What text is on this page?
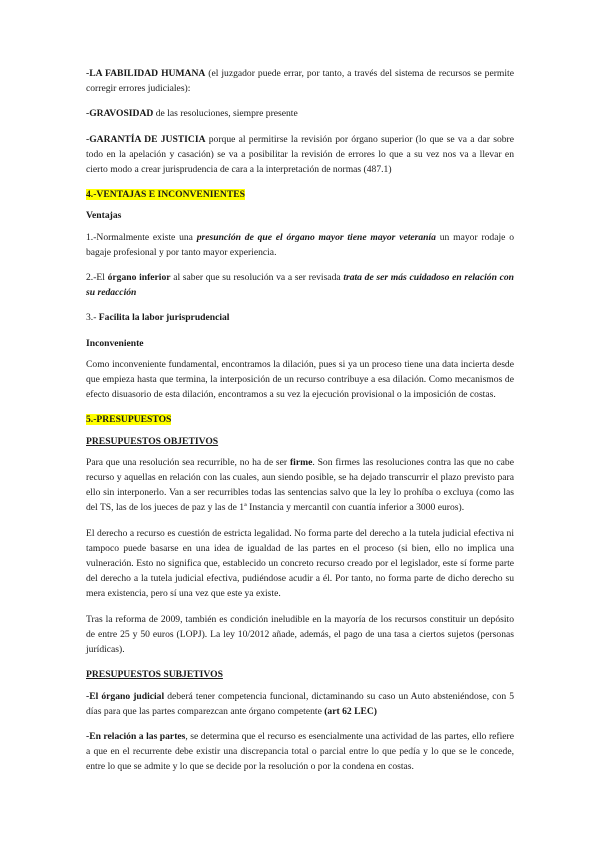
-LA FABILIDAD HUMANA (el juzgador puede errar, por tanto, a través del sistema de recursos se permite corregir errores judiciales):

-GRAVOSIDAD de las resoluciones, siempre presente

-GARANTÍA DE JUSTICIA porque al permitirse la revisión por órgano superior (lo que se va a dar sobre todo en la apelación y casación) se va a posibilitar la revisión de errores lo que a su vez nos va a llevar en cierto modo a crear jurisprudencia de cara a la interpretación de normas (487.1)

4.-VENTAJAS E INCONVENIENTES

Ventajas

1.-Normalmente existe una presunción de que el órgano mayor tiene mayor veteranía un mayor rodaje o bagaje profesional y por tanto mayor experiencia.

2.-El órgano inferior al saber que su resolución va a ser revisada trata de ser más cuidadoso en relación con su redacción

3.- Facilita la labor jurisprudencial

Inconveniente

Como inconveniente fundamental, encontramos la dilación, pues si ya un proceso tiene una data incierta desde que empieza hasta que termina, la interposición de un recurso contribuye a esa dilación. Como mecanismos de efecto disuasorio de esta dilación, encontramos a su vez la ejecución provisional o la imposición de costas.

5.-PRESUPUESTOS

PRESUPUESTOS OBJETIVOS

Para que una resolución sea recurrible, no ha de ser firme. Son firmes las resoluciones contra las que no cabe recurso y aquellas en relación con las cuales, aun siendo posible, se ha dejado transcurrir el plazo previsto para ello sin interponerlo. Van a ser recurribles todas las sentencias salvo que la ley lo prohíba o excluya (como las del TS, las de los jueces de paz y las de 1ª Instancia y mercantil con cuantía inferior a 3000 euros).

El derecho a recurso es cuestión de estricta legalidad. No forma parte del derecho a la tutela judicial efectiva ni tampoco puede basarse en una idea de igualdad de las partes en el proceso (si bien, ello no implica una vulneración. Esto no significa que, establecido un concreto recurso creado por el legislador, este sí forme parte del derecho a la tutela judicial efectiva, pudiéndose acudir a él. Por tanto, no forma parte de dicho derecho su mera existencia, pero sí una vez que este ya existe.

Tras la reforma de 2009, también es condición ineludible en la mayoría de los recursos constituir un depósito de entre 25 y 50 euros (LOPJ). La ley 10/2012 añade, además, el pago de una tasa a ciertos sujetos (personas jurídicas).

PRESUPUESTOS SUBJETIVOS

-El órgano judicial deberá tener competencia funcional, dictaminando su caso un Auto absteniéndose, con 5 días para que las partes comparezcan ante órgano competente (art 62 LEC)

-En relación a las partes, se determina que el recurso es esencialmente una actividad de las partes, ello refiere a que en el recurrente debe existir una discrepancia total o parcial entre lo que pedía y lo que se le concede, entre lo que se admite y lo que se decide por la resolución o por la condena en costas.
